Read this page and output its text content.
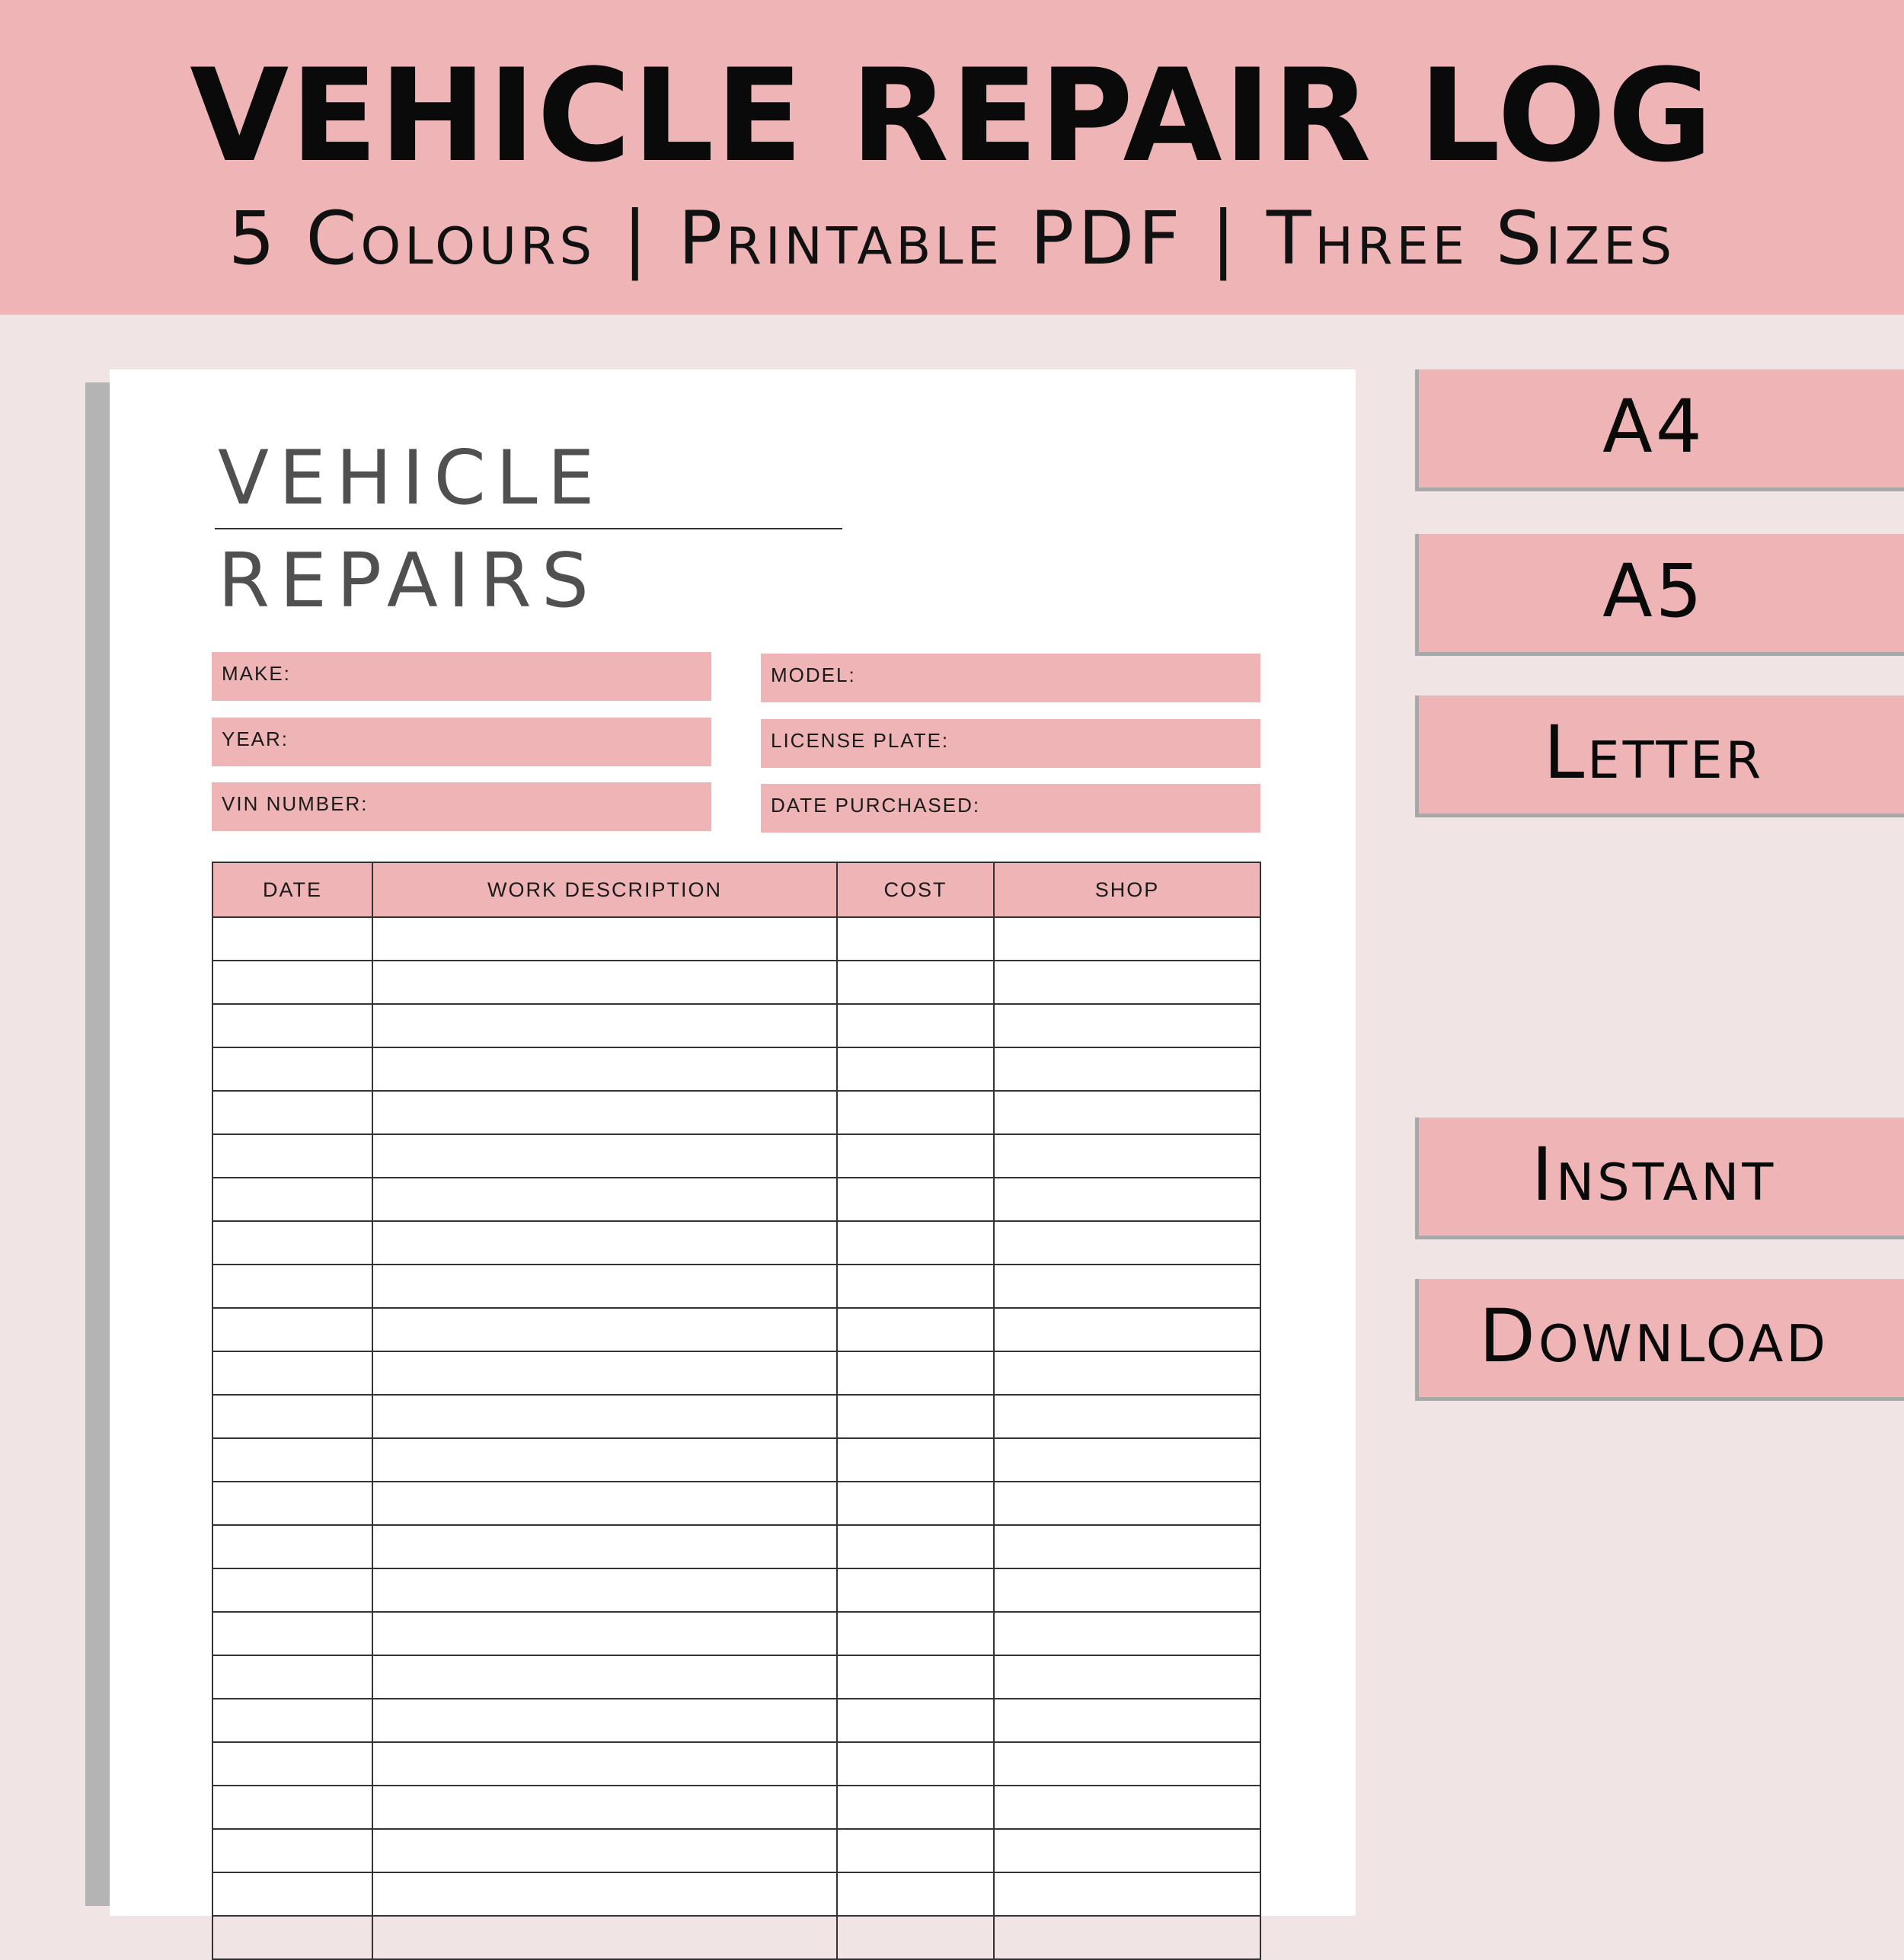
VEHICLE REPAIR LOG
5 Colours | Printable PDF | Three Sizes
VEHICLE
REPAIRS
MAKE:	MODEL:
YEAR:	LICENSE PLATE:
VIN NUMBER:	DATE PURCHASED:
DATE	WORK DESCRIPTION	COST	SHOP

A4
A5
Letter
Instant
Download
